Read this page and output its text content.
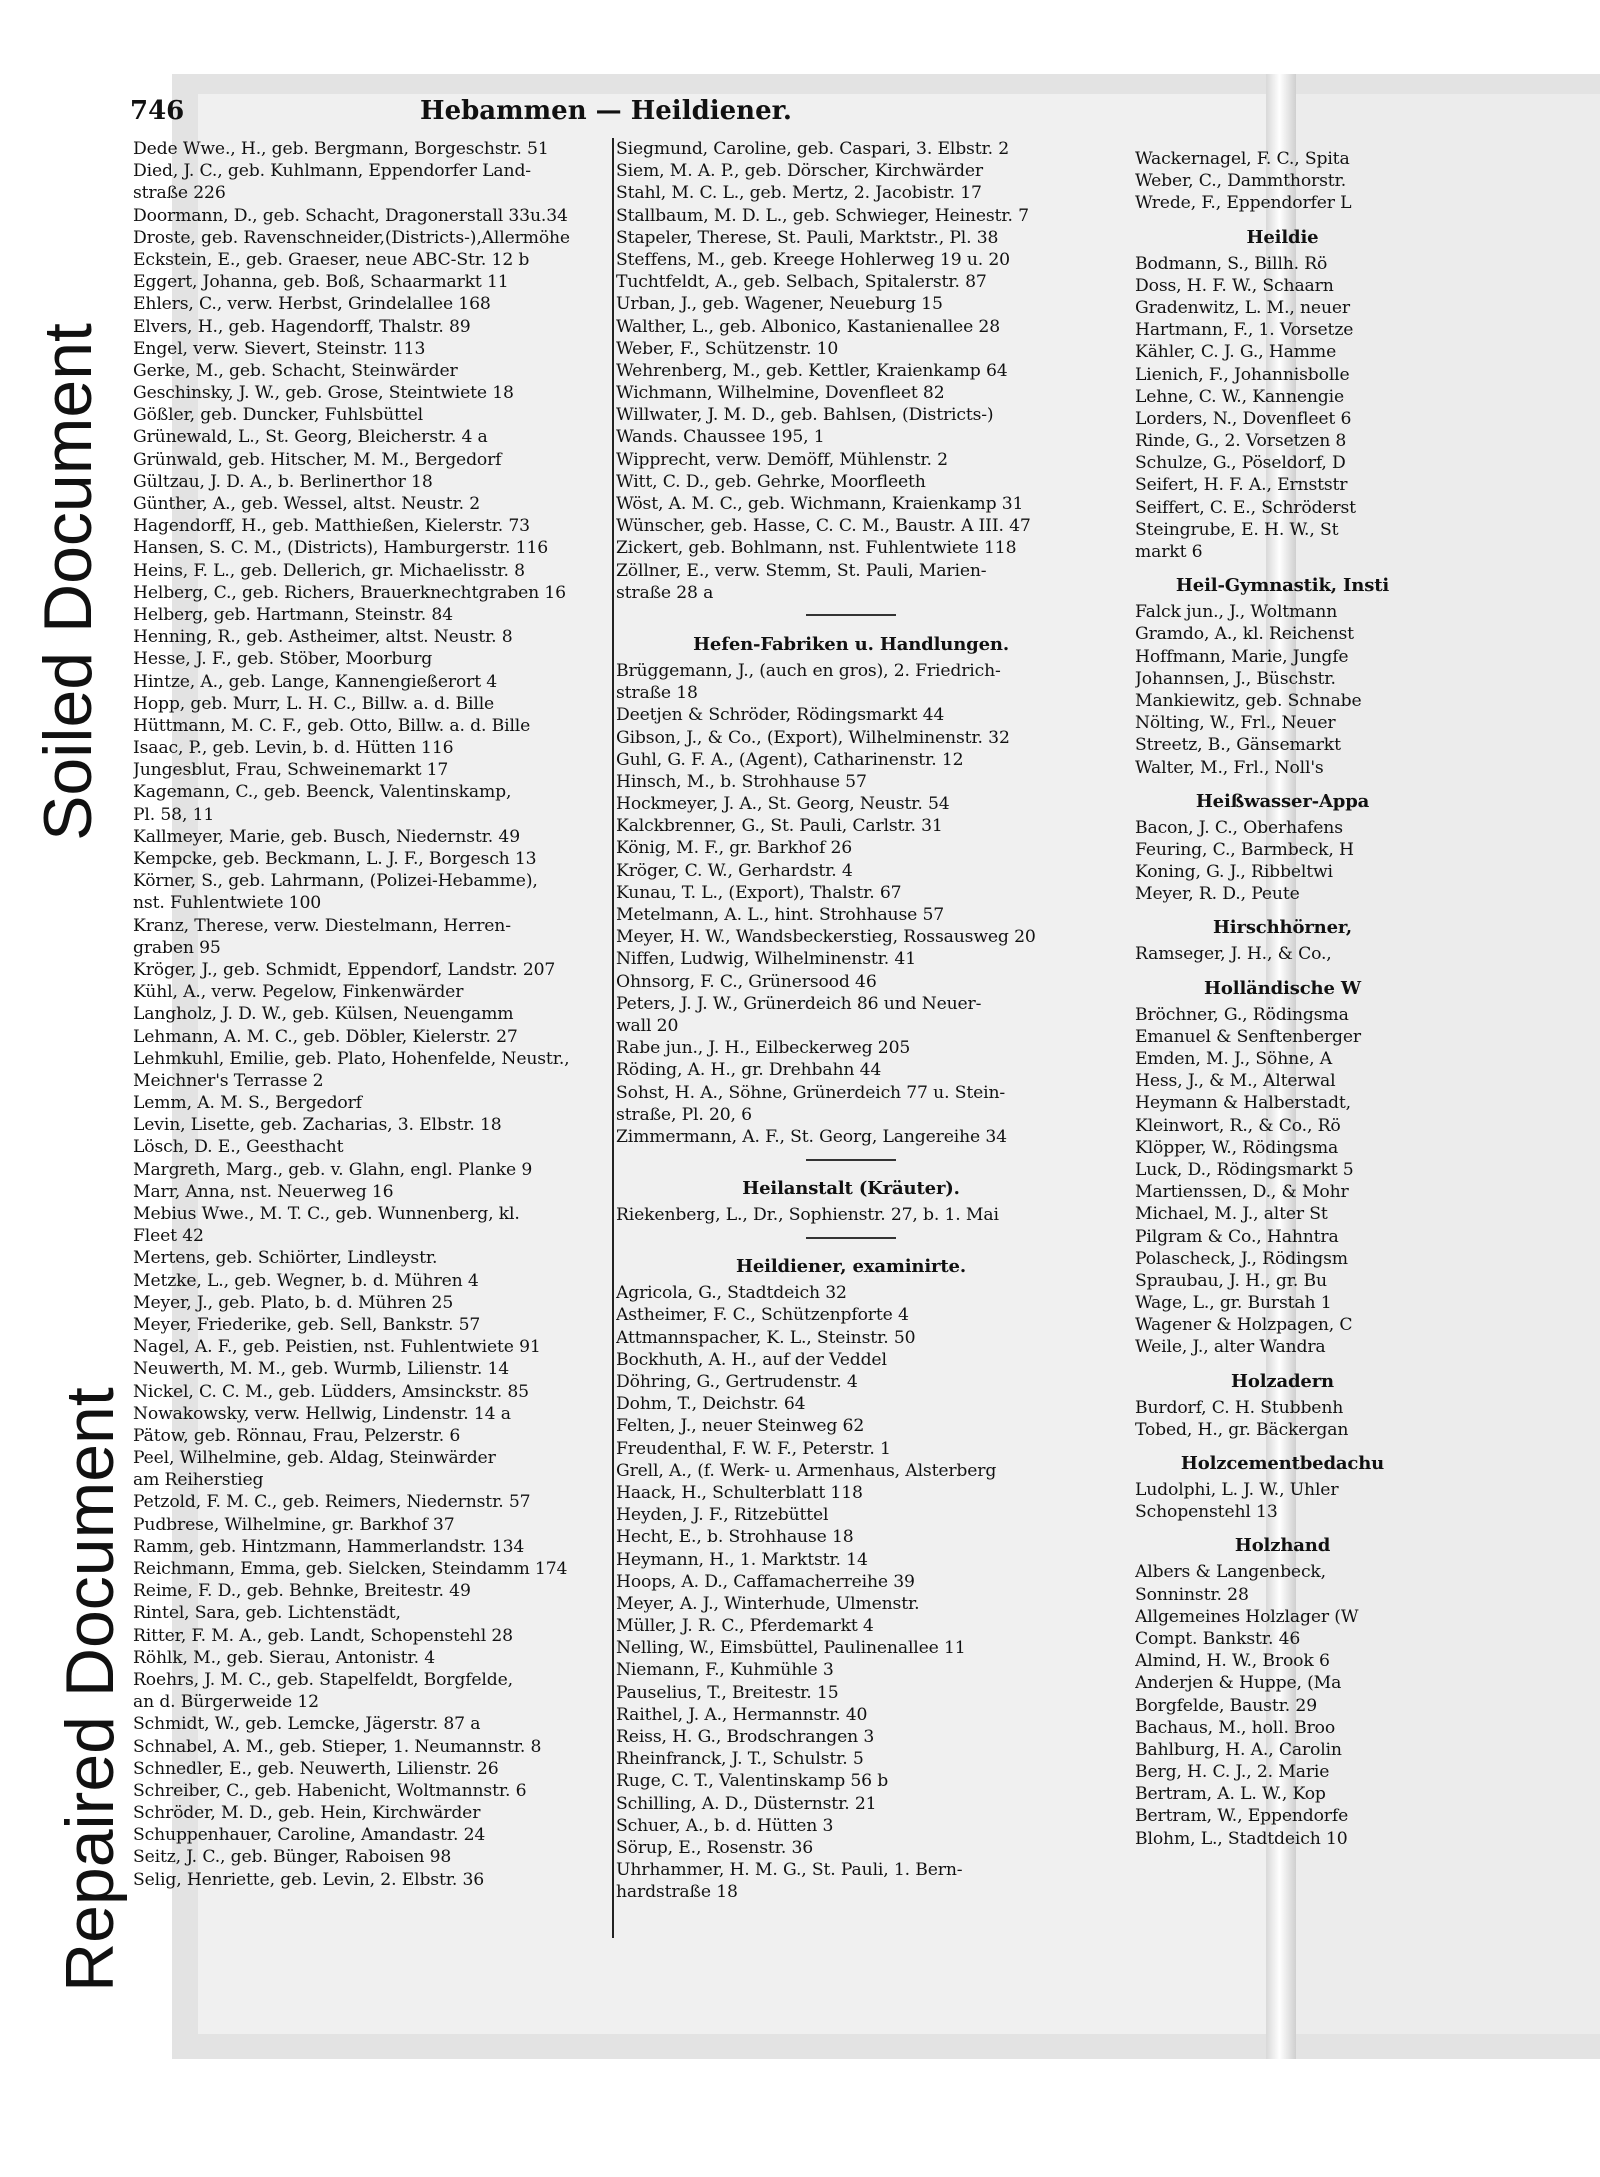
Soiled Document
Repaired Document
746	Hebammen — Heildiener.
Dede Wwe., H., geb. Bergmann, Borgeschstr. 51
Died, J. C., geb. Kuhlmann, Eppendorfer Land-
straße 226
Doormann, D., geb. Schacht, Dragonerstall 33u.34
Droste, geb. Ravenschneider,(Districts-),Allermöhe
Eckstein, E., geb. Graeser, neue ABC-Str. 12 b
Eggert, Johanna, geb. Boß, Schaarmarkt 11
Ehlers, C., verw. Herbst, Grindelallee 168
Elvers, H., geb. Hagendorff, Thalstr. 89
Engel, verw. Sievert, Steinstr. 113
Gerke, M., geb. Schacht, Steinwärder
Geschinsky, J. W., geb. Grose, Steintwiete 18
Gößler, geb. Duncker, Fuhlsbüttel
Grünewald, L., St. Georg, Bleicherstr. 4 a
Grünwald, geb. Hitscher, M. M., Bergedorf
Gültzau, J. D. A., b. Berlinerthor 18
Günther, A., geb. Wessel, altst. Neustr. 2
Hagendorff, H., geb. Matthießen, Kielerstr. 73
Hansen, S. C. M., (Districts), Hamburgerstr. 116
Heins, F. L., geb. Dellerich, gr. Michaelisstr. 8
Helberg, C., geb. Richers, Brauerknechtgraben 16
Helberg, geb. Hartmann, Steinstr. 84
Henning, R., geb. Astheimer, altst. Neustr. 8
Hesse, J. F., geb. Stöber, Moorburg
Hintze, A., geb. Lange, Kannengießerort 4
Hopp, geb. Murr, L. H. C., Billw. a. d. Bille
Hüttmann, M. C. F., geb. Otto, Billw. a. d. Bille
Isaac, P., geb. Levin, b. d. Hütten 116
Jungesblut, Frau, Schweinemarkt 17
Kagemann, C., geb. Beenck, Valentinskamp,
Pl. 58, 11
Kallmeyer, Marie, geb. Busch, Niedernstr. 49
Kempcke, geb. Beckmann, L. J. F., Borgesch 13
Körner, S., geb. Lahrmann, (Polizei-Hebamme),
nst. Fuhlentwiete 100
Kranz, Therese, verw. Diestelmann, Herren-
graben 95
Kröger, J., geb. Schmidt, Eppendorf, Landstr. 207
Kühl, A., verw. Pegelow, Finkenwärder
Langholz, J. D. W., geb. Külsen, Neuengamm
Lehmann, A. M. C., geb. Döbler, Kielerstr. 27
Lehmkuhl, Emilie, geb. Plato, Hohenfelde, Neustr.,
Meichner's Terrasse 2
Lemm, A. M. S., Bergedorf
Levin, Lisette, geb. Zacharias, 3. Elbstr. 18
Lösch, D. E., Geesthacht
Margreth, Marg., geb. v. Glahn, engl. Planke 9
Marr, Anna, nst. Neuerweg 16
Mebius Wwe., M. T. C., geb. Wunnenberg, kl.
Fleet 42
Mertens, geb. Schiörter, Lindleystr.
Metzke, L., geb. Wegner, b. d. Mühren 4
Meyer, J., geb. Plato, b. d. Mühren 25
Meyer, Friederike, geb. Sell, Bankstr. 57
Nagel, A. F., geb. Peistien, nst. Fuhlentwiete 91
Neuwerth, M. M., geb. Wurmb, Lilienstr. 14
Nickel, C. C. M., geb. Lüdders, Amsinckstr. 85
Nowakowsky, verw. Hellwig, Lindenstr. 14 a
Pätow, geb. Rönnau, Frau, Pelzerstr. 6
Peel, Wilhelmine, geb. Aldag, Steinwärder
am Reiherstieg
Petzold, F. M. C., geb. Reimers, Niedernstr. 57
Pudbrese, Wilhelmine, gr. Barkhof 37
Ramm, geb. Hintzmann, Hammerlandstr. 134
Reichmann, Emma, geb. Sielcken, Steindamm 174
Reime, F. D., geb. Behnke, Breitestr. 49
Rintel, Sara, geb. Lichtenstädt,
Ritter, F. M. A., geb. Landt, Schopenstehl 28
Röhlk, M., geb. Sierau, Antonistr. 4
Roehrs, J. M. C., geb. Stapelfeldt, Borgfelde,
an d. Bürgerweide 12
Schmidt, W., geb. Lemcke, Jägerstr. 87 a
Schnabel, A. M., geb. Stieper, 1. Neumannstr. 8
Schnedler, E., geb. Neuwerth, Lilienstr. 26
Schreiber, C., geb. Habenicht, Woltmannstr. 6
Schröder, M. D., geb. Hein, Kirchwärder
Schuppenhauer, Caroline, Amandastr. 24
Seitz, J. C., geb. Bünger, Raboisen 98
Selig, Henriette, geb. Levin, 2. Elbstr. 36
Siegmund, Caroline, geb. Caspari, 3. Elbstr. 2
Siem, M. A. P., geb. Dörscher, Kirchwärder
Stahl, M. C. L., geb. Mertz, 2. Jacobistr. 17
Stallbaum, M. D. L., geb. Schwieger, Heinestr. 7
Stapeler, Therese, St. Pauli, Marktstr., Pl. 38
Steffens, M., geb. Kreege Hohlerweg 19 u. 20
Tuchtfeldt, A., geb. Selbach, Spitalerstr. 87
Urban, J., geb. Wagener, Neueburg 15
Walther, L., geb. Albonico, Kastanienallee 28
Weber, F., Schützenstr. 10
Wehrenberg, M., geb. Kettler, Kraienkamp 64
Wichmann, Wilhelmine, Dovenfleet 82
Willwater, J. M. D., geb. Bahlsen, (Districts-)
Wands. Chaussee 195, 1
Wipprecht, verw. Demöff, Mühlenstr. 2
Witt, C. D., geb. Gehrke, Moorfleeth
Wöst, A. M. C., geb. Wichmann, Kraienkamp 31
Wünscher, geb. Hasse, C. C. M., Baustr. A III. 47
Zickert, geb. Bohlmann, nst. Fuhlentwiete 118
Zöllner, E., verw. Stemm, St. Pauli, Marien-
straße 28 a
Hefen-Fabriken u. Handlungen.
Brüggemann, J., (auch en gros), 2. Friedrich-
straße 18
Deetjen & Schröder, Rödingsmarkt 44
Gibson, J., & Co., (Export), Wilhelminenstr. 32
Guhl, G. F. A., (Agent), Catharinenstr. 12
Hinsch, M., b. Strohhause 57
Hockmeyer, J. A., St. Georg, Neustr. 54
Kalckbrenner, G., St. Pauli, Carlstr. 31
König, M. F., gr. Barkhof 26
Kröger, C. W., Gerhardstr. 4
Kunau, T. L., (Export), Thalstr. 67
Metelmann, A. L., hint. Strohhause 57
Meyer, H. W., Wandsbeckerstieg, Rossausweg 20
Niffen, Ludwig, Wilhelminenstr. 41
Ohnsorg, F. C., Grünersood 46
Peters, J. J. W., Grünerdeich 86 und Neuer-
wall 20
Rabe jun., J. H., Eilbeckerweg 205
Röding, A. H., gr. Drehbahn 44
Sohst, H. A., Söhne, Grünerdeich 77 u. Stein-
straße, Pl. 20, 6
Zimmermann, A. F., St. Georg, Langereihe 34
Heilanstalt (Kräuter).
Riekenberg, L., Dr., Sophienstr. 27, b. 1. Mai
Heildiener, examinirte.
Agricola, G., Stadtdeich 32
Astheimer, F. C., Schützenpforte 4
Attmannspacher, K. L., Steinstr. 50
Bockhuth, A. H., auf der Veddel
Döhring, G., Gertrudenstr. 4
Dohm, T., Deichstr. 64
Felten, J., neuer Steinweg 62
Freudenthal, F. W. F., Peterstr. 1
Grell, A., (f. Werk- u. Armenhaus, Alsterberg
Haack, H., Schulterblatt 118
Heyden, J. F., Ritzebüttel
Hecht, E., b. Strohhause 18
Heymann, H., 1. Marktstr. 14
Hoops, A. D., Caffamacherreihe 39
Meyer, A. J., Winterhude, Ulmenstr.
Müller, J. R. C., Pferdemarkt 4
Nelling, W., Eimsbüttel, Paulinenallee 11
Niemann, F., Kuhmühle 3
Pauselius, T., Breitestr. 15
Raithel, J. A., Hermannstr. 40
Reiss, H. G., Brodschrangen 3
Rheinfranck, J. T., Schulstr. 5
Ruge, C. T., Valentinskamp 56 b
Schilling, A. D., Düsternstr. 21
Schuer, A., b. d. Hütten 3
Sörup, E., Rosenstr. 36
Uhrhammer, H. M. G., St. Pauli, 1. Bern-
hardstraße 18
Wackernagel, F. C., Spita
Weber, C., Dammthorstr.
Wrede, F., Eppendorfer L
Heildie
Bodmann, S., Billh. Rö
Doss, H. F. W., Schaarn
Gradenwitz, L. M., neuer
Hartmann, F., 1. Vorsetze
Kähler, C. J. G., Hamme
Lienich, F., Johannisbolle
Lehne, C. W., Kannengie
Lorders, N., Dovenfleet 6
Rinde, G., 2. Vorsetzen 8
Schulze, G., Pöseldorf, D
Seifert, H. F. A., Ernststr
Seiffert, C. E., Schröderst
Steingrube, E. H. W., St
markt 6
Heil-Gymnastik, Insti
Falck jun., J., Woltmann
Gramdo, A., kl. Reichenst
Hoffmann, Marie, Jungfe
Johannsen, J., Büschstr.
Mankiewitz, geb. Schnabe
Nölting, W., Frl., Neuer
Streetz, B., Gänsemarkt
Walter, M., Frl., Noll's
Heißwasser-Appa
Bacon, J. C., Oberhafens
Feuring, C., Barmbeck, H
Koning, G. J., Ribbeltwi
Meyer, R. D., Peute
Hirschhörner,
Ramseger, J. H., & Co.,
Holländische W
Bröchner, G., Rödingsma
Emanuel & Senftenberger
Emden, M. J., Söhne, A
Hess, J., & M., Alterwal
Heymann & Halberstadt,
Kleinwort, R., & Co., Rö
Klöpper, W., Rödingsma
Luck, D., Rödingsmarkt 5
Martienssen, D., & Mohr
Michael, M. J., alter St
Pilgram & Co., Hahntra
Polascheck, J., Rödingsm
Spraubau, J. H., gr. Bu
Wage, L., gr. Burstah 1
Wagener & Holzpagen, C
Weile, J., alter Wandra
Holzadern
Burdorf, C. H. Stubbenh
Tobed, H., gr. Bäckergan
Holzcementbedachu
Ludolphi, L. J. W., Uhler
Schopenstehl 13
Holzhand
Albers & Langenbeck,
Sonninstr. 28
Allgemeines Holzlager (W
Compt. Bankstr. 46
Almind, H. W., Brook 6
Anderjen & Huppe, (Ma
Borgfelde, Baustr. 29
Bachaus, M., holl. Broo
Bahlburg, H. A., Carolin
Berg, H. C. J., 2. Marie
Bertram, A. L. W., Kop
Bertram, W., Eppendorfe
Blohm, L., Stadtdeich 10
